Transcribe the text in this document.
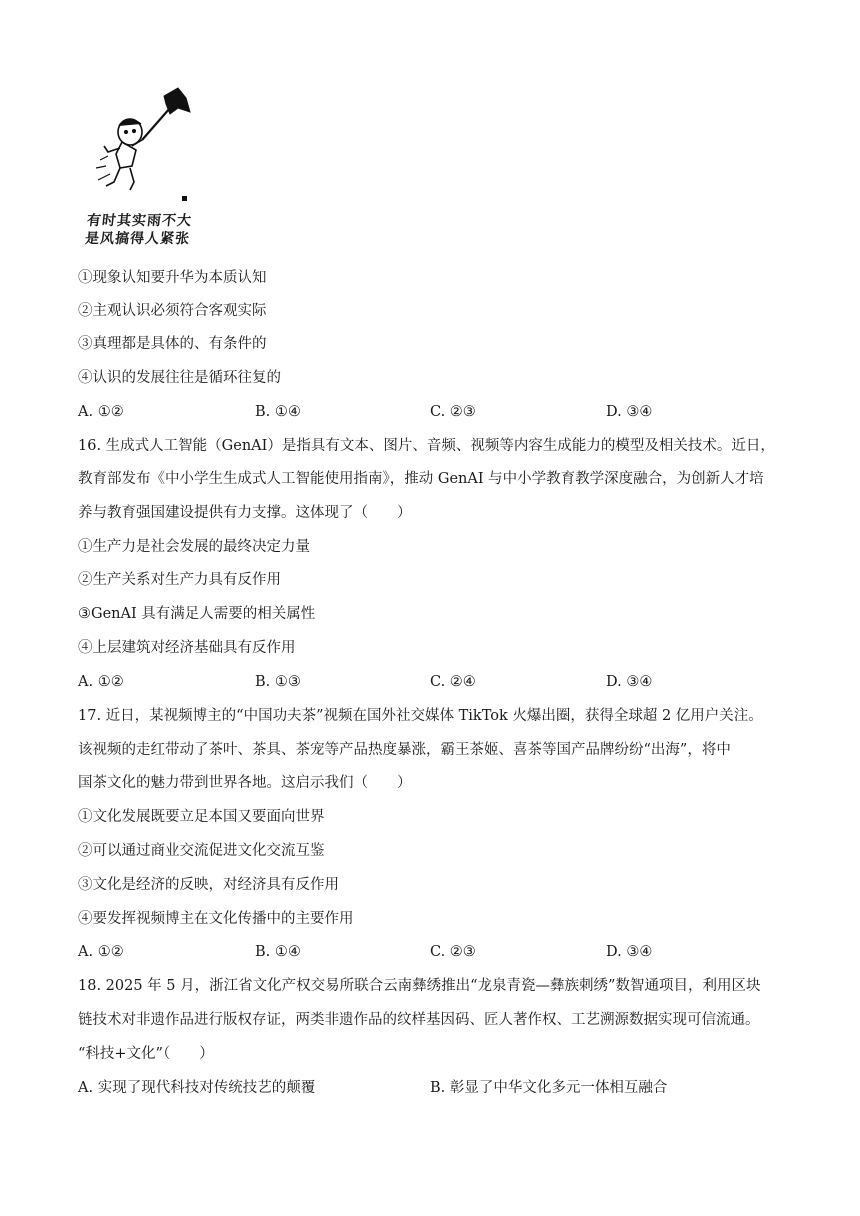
有时其实雨不大
是风搞得人紧张
①现象认知要升华为本质认知
②主观认识必须符合客观实际
③真理都是具体的、有条件的
④认识的发展往往是循环往复的
A. ①②	B. ①④	C. ②③	D. ③④
16. 生成式人工智能（GenAI）是指具有文本、图片、音频、视频等内容生成能力的模型及相关技术。近日，
教育部发布《中小学生生成式人工智能使用指南》，推动 GenAI 与中小学教育教学深度融合，为创新人才培
养与教育强国建设提供有力支撑。这体现了（　　）
①生产力是社会发展的最终决定力量
②生产关系对生产力具有反作用
③GenAI 具有满足人需要的相关属性
④上层建筑对经济基础具有反作用
A. ①②	B. ①③	C. ②④	D. ③④
17. 近日，某视频博主的“中国功夫茶”视频在国外社交媒体 TikTok 火爆出圈，获得全球超 2 亿用户关注。
该视频的走红带动了茶叶、茶具、茶宠等产品热度暴涨，霸王茶姬、喜茶等国产品牌纷纷“出海”，将中
国茶文化的魅力带到世界各地。这启示我们（　　）
①文化发展既要立足本国又要面向世界
②可以通过商业交流促进文化交流互鉴
③文化是经济的反映，对经济具有反作用
④要发挥视频博主在文化传播中的主要作用
A. ①②	B. ①④	C. ②③	D. ③④
18. 2025 年 5 月，浙江省文化产权交易所联合云南彝绣推出“龙泉青瓷—彝族刺绣”数智通项目，利用区块
链技术对非遗作品进行版权存证，两类非遗作品的纹样基因码、匠人著作权、工艺溯源数据实现可信流通。
“科技+文化”（　　）
A. 实现了现代科技对传统技艺的颠覆	B. 彰显了中华文化多元一体相互融合
